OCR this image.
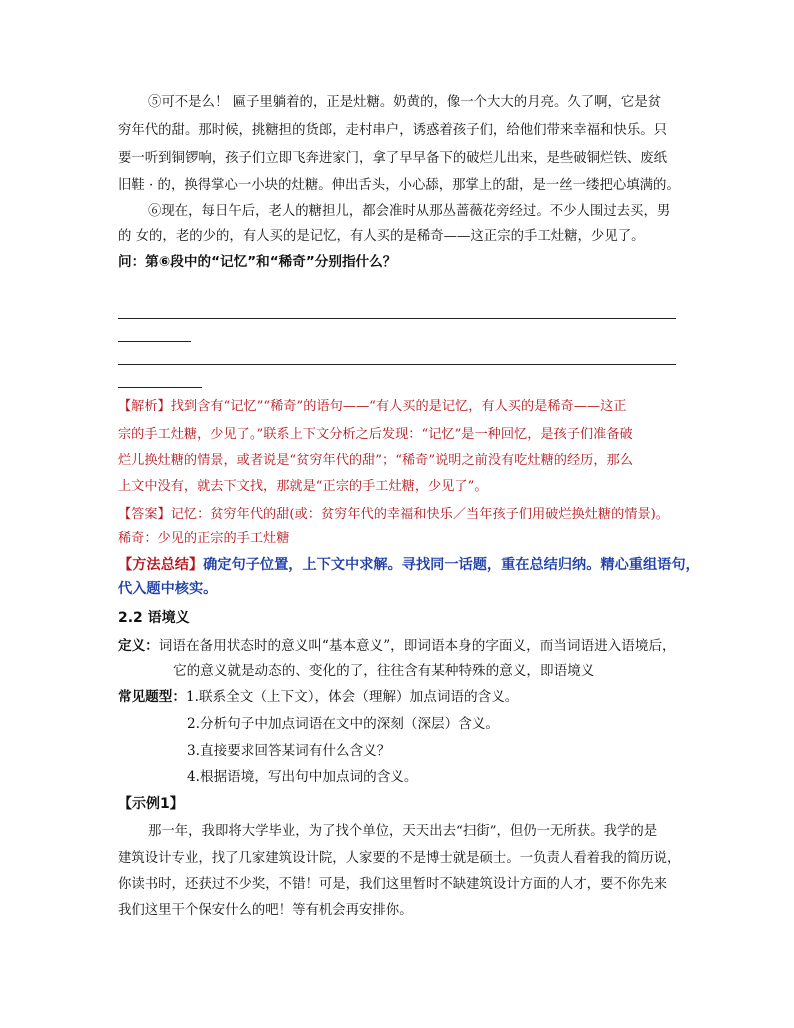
⑤可不是么！ 匾子里躺着的，正是灶糖。奶黄的，像一个大大的月亮。久了啊，它是贫
穷年代的甜。那时候，挑糖担的货郎，走村串户，诱惑着孩子们，给他们带来幸福和快乐。只
要一听到铜锣响，孩子们立即飞奔进家门，拿了早早备下的破烂儿出来，是些破铜烂铁、废纸
旧鞋 · 的，换得掌心一小块的灶糖。伸出舌头，小心舔，那掌上的甜，是一丝一缕把心填满的。
⑥现在，每日午后，老人的糖担儿，都会准时从那丛蔷薇花旁经过。不少人围过去买，男
的 女的，老的少的，有人买的是记忆，有人买的是稀奇——这正宗的手工灶糖，少见了。
问：第⑥段中的“记忆”和“稀奇”分别指什么？
【解析】找到含有“记忆”“稀奇”的语句——“有人买的是记忆，有人买的是稀奇——这正
宗的手工灶糖，少见了。”联系上下文分析之后发现：“记忆”是一种回忆，是孩子们准备破
烂儿换灶糖的情景，或者说是“贫穷年代的甜”；“稀奇”说明之前没有吃灶糖的经历，那么
上文中没有，就去下文找，那就是“正宗的手工灶糖，少见了”。
【答案】记忆：贫穷年代的甜(或：贫穷年代的幸福和快乐／当年孩子们用破烂换灶糖的情景)。
稀奇：少见的正宗的手工灶糖
【方法总结】确定句子位置，上下文中求解。寻找同一话题，重在总结归纳。精心重组语句，
代入题中核实。
2.2 语境义
定义：词语在备用状态时的意义叫“基本意义”，即词语本身的字面义，而当词语进入语境后，
它的意义就是动态的、变化的了，往往含有某种特殊的意义，即语境义
常见题型：1.联系全文（上下文），体会（理解）加点词语的含义。
2.分析句子中加点词语在文中的深刻（深层）含义。
3.直接要求回答某词有什么含义？
4.根据语境，写出句中加点词的含义。
【示例1】
那一年，我即将大学毕业，为了找个单位，天天出去“扫街”，但仍一无所获。我学的是
建筑设计专业，找了几家建筑设计院，人家要的不是博士就是硕士。一负责人看着我的简历说，
你读书时，还获过不少奖，不错！可是，我们这里暂时不缺建筑设计方面的人才，要不你先来
我们这里干个保安什么的吧！等有机会再安排你。
